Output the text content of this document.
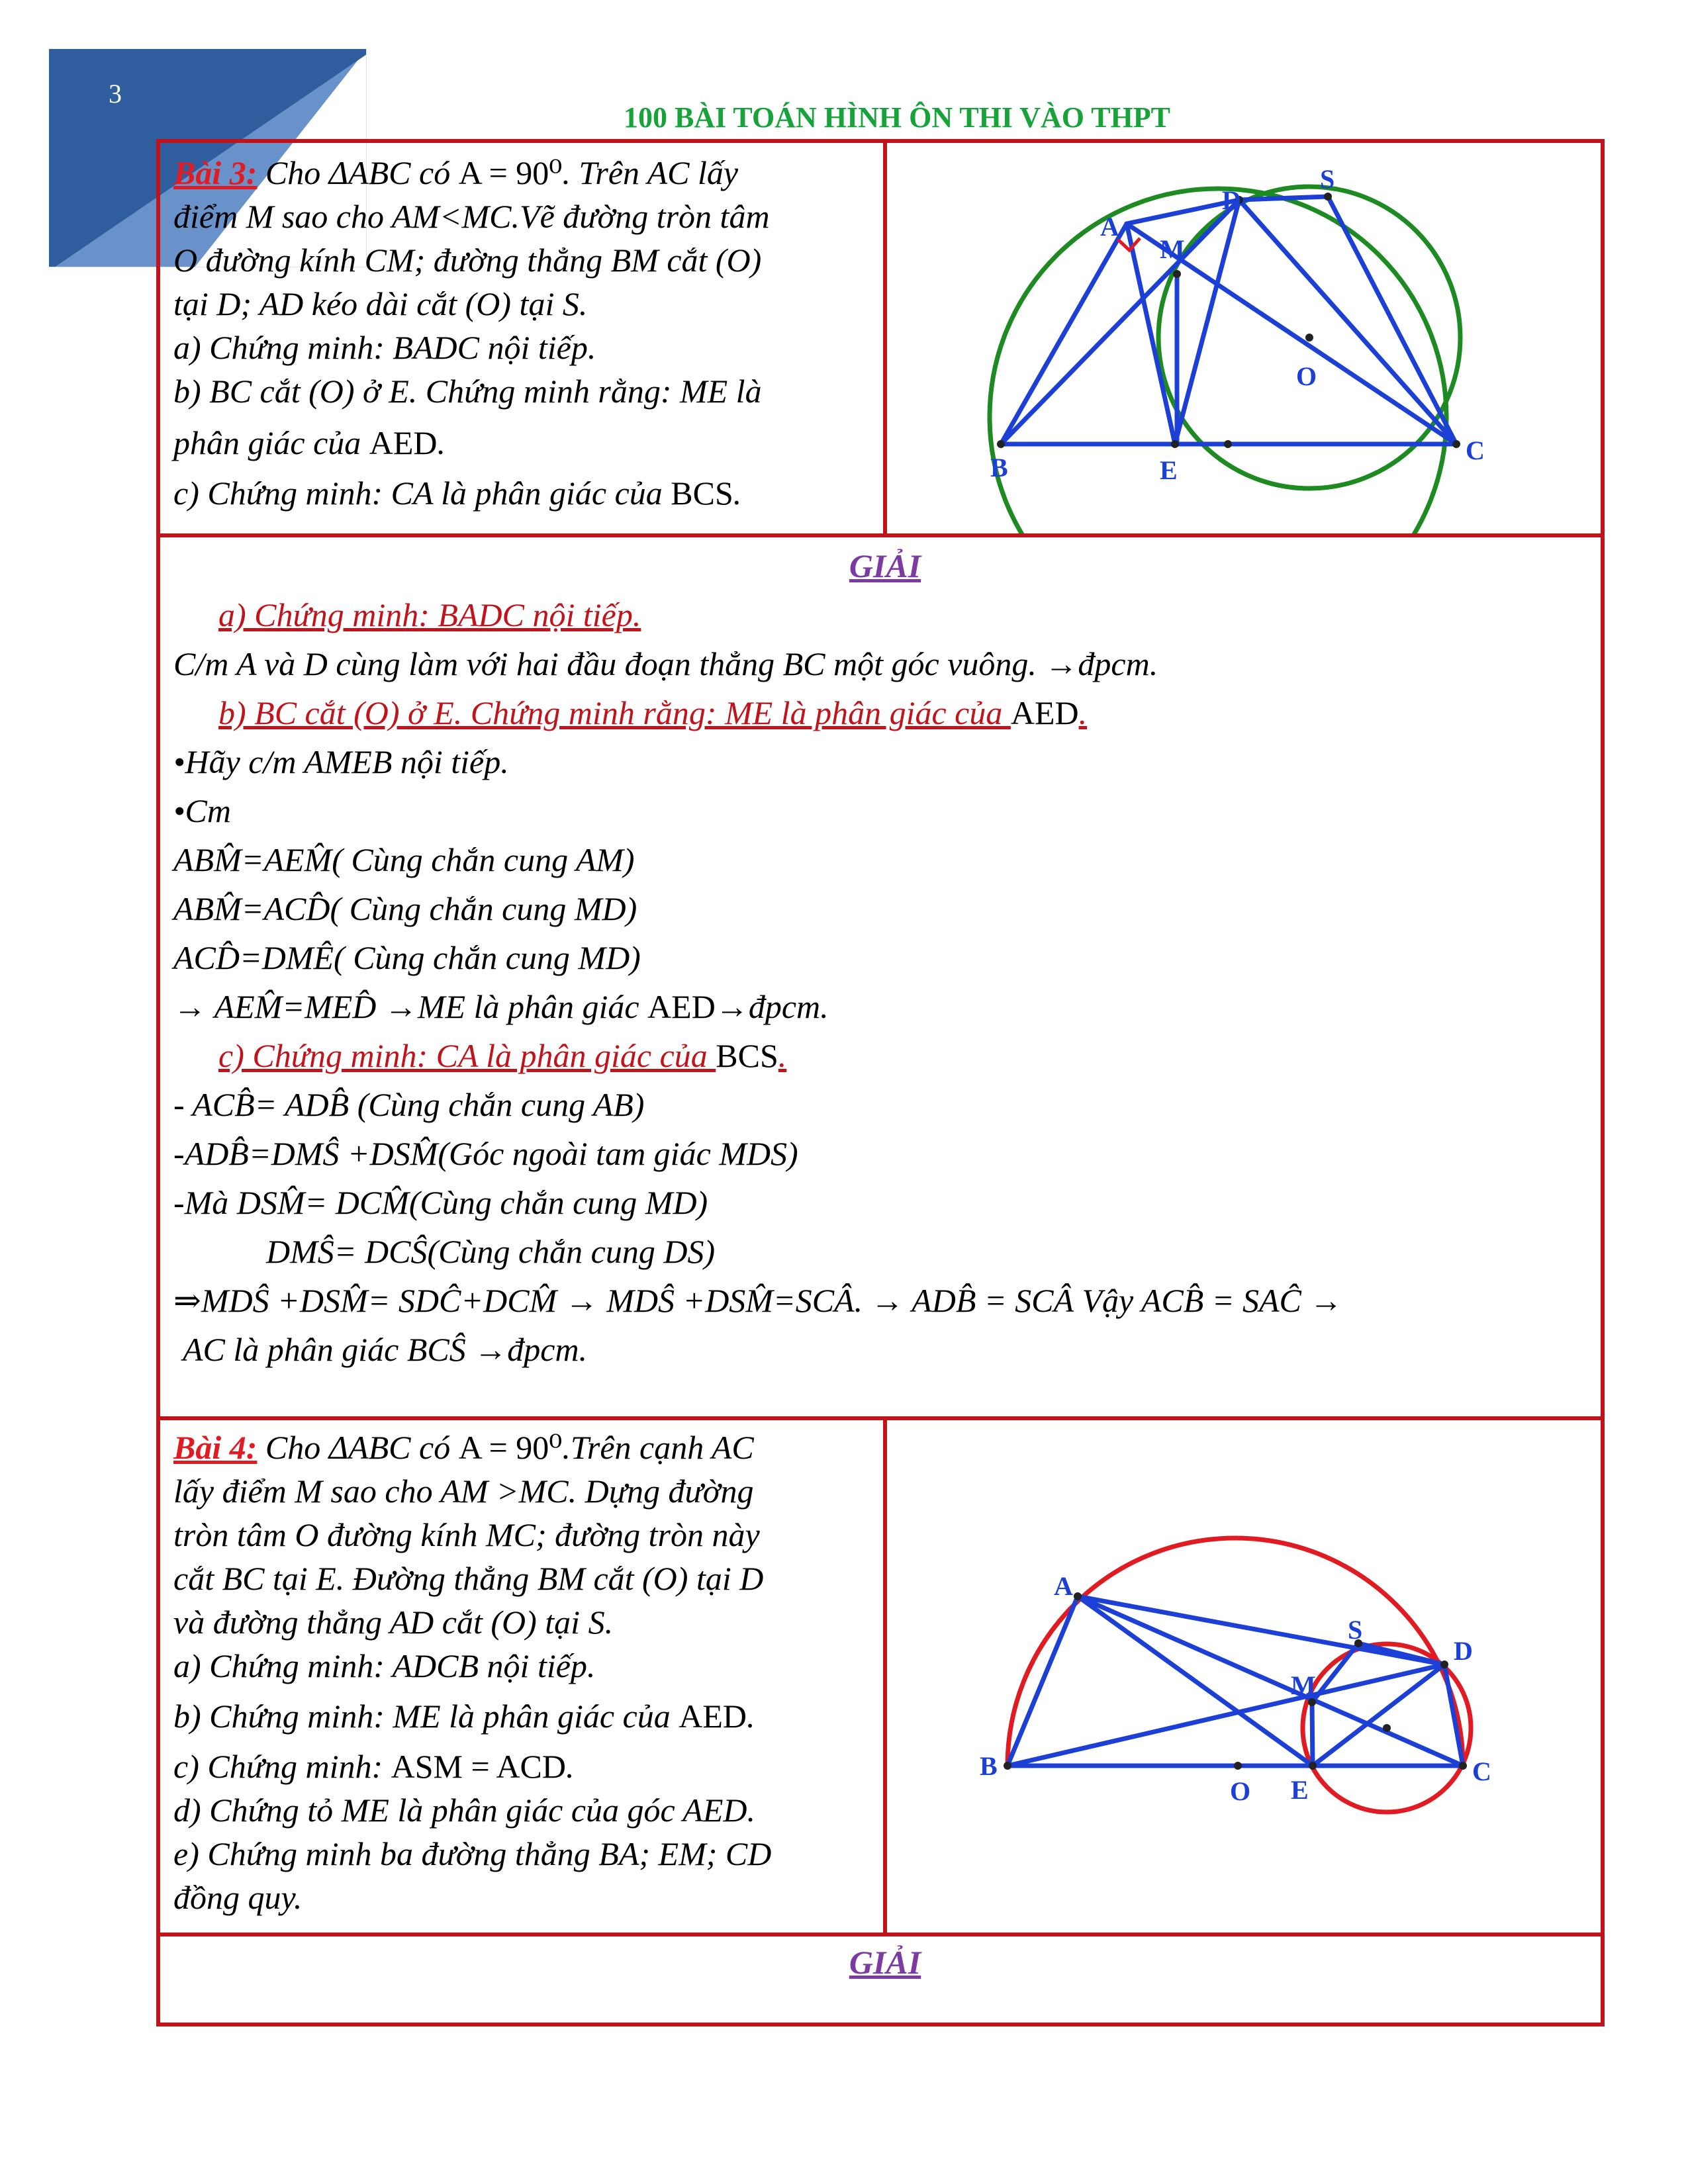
3
100 BÀI TOÁN HÌNH ÔN THI VÀO THPT
Bài 3: Cho ΔABC có A = 90⁰. Trên AC lấy
điểm M sao cho AM<MC.Vẽ đường tròn tâm
O đường kính CM; đường thẳng BM cắt (O)
tại D; AD kéo dài cắt (O) tại S.
a) Chứng minh: BADC nội tiếp.
b) BC cắt (O) ở E. Chứng minh rằng: ME là
phân giác của AED.
c) Chứng minh: CA là phân giác của BCS.
A
M
D
S
O
B	E
C
GIẢI
a) Chứng minh: BADC nội tiếp.
C/m A và D cùng làm với hai đầu đoạn thẳng BC một góc vuông. →đpcm.
b) BC cắt (O) ở E. Chứng minh rằng: ME là phân giác của AED.
•Hãy c/m AMEB nội tiếp.
•Cm
ABM̂=AEM̂( Cùng chắn cung AM)
ABM̂=ACD̂( Cùng chắn cung MD)
ACD̂=DMÊ( Cùng chắn cung MD)
→ AEM̂=MED̂ →ME là phân giác AED→đpcm.
c) Chứng minh: CA là phân giác của BCS.
- ACB̂= ADB̂ (Cùng chắn cung AB)
-ADB̂=DMŜ +DSM̂(Góc ngoài tam giác MDS)
-Mà DSM̂= DCM̂(Cùng chắn cung MD)
DMŜ= DCŜ(Cùng chắn cung DS)
⇒MDŜ +DSM̂= SDĈ+DCM̂ → MDŜ +DSM̂=SCÂ. → ADB̂ = SCÂ Vậy ACB̂ = SAĈ →
AC là phân giác BCŜ →đpcm.
Bài 4: Cho ΔABC có A = 90⁰.Trên cạnh AC
lấy điểm M sao cho AM >MC. Dựng đường
tròn tâm O đường kính MC; đường tròn này
cắt BC tại E. Đường thẳng BM cắt (O) tại D
và đường thẳng AD cắt (O) tại S.
a) Chứng minh: ADCB nội tiếp.
b) Chứng minh: ME là phân giác của AED.
c) Chứng minh: ASM = ACD.
d) Chứng tỏ ME là phân giác của góc AED.
e) Chứng minh ba đường thẳng BA; EM; CD
đồng quy.
A
S
D
M
B
O E
C
GIẢI
